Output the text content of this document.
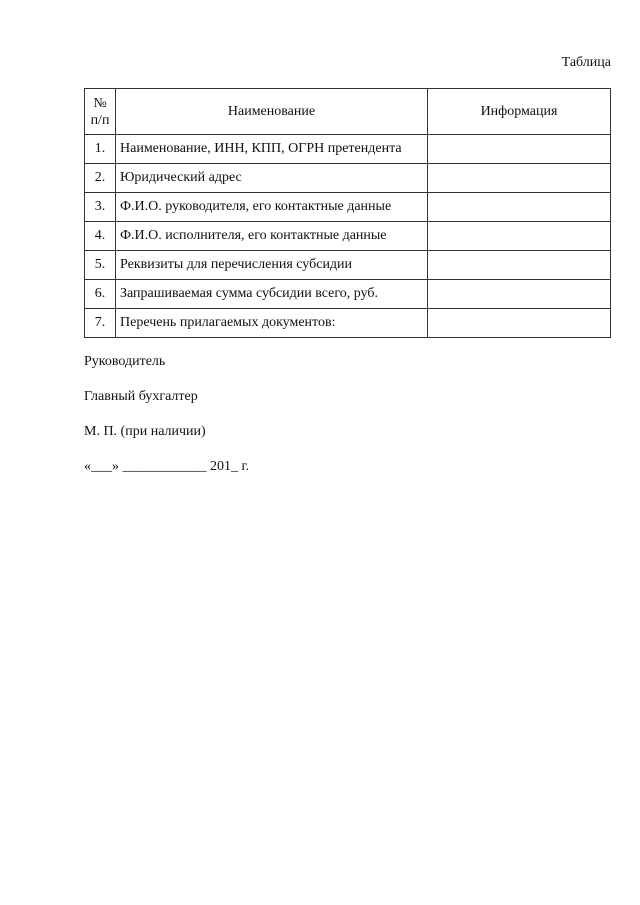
Таблица
№ п/п	Наименование	Информация
1.	Наименование, ИНН, КПП, ОГРН претендента	
2.	Юридический адрес	
3.	Ф.И.О. руководителя, его контактные данные	
4.	Ф.И.О. исполнителя, его контактные данные	
5.	Реквизиты для перечисления субсидии	
6.	Запрашиваемая сумма субсидии всего, руб.	
7.	Перечень прилагаемых документов:	
Руководитель
Главный бухгалтер
М. П. (при наличии)
«___» ____________ 201_ г.
